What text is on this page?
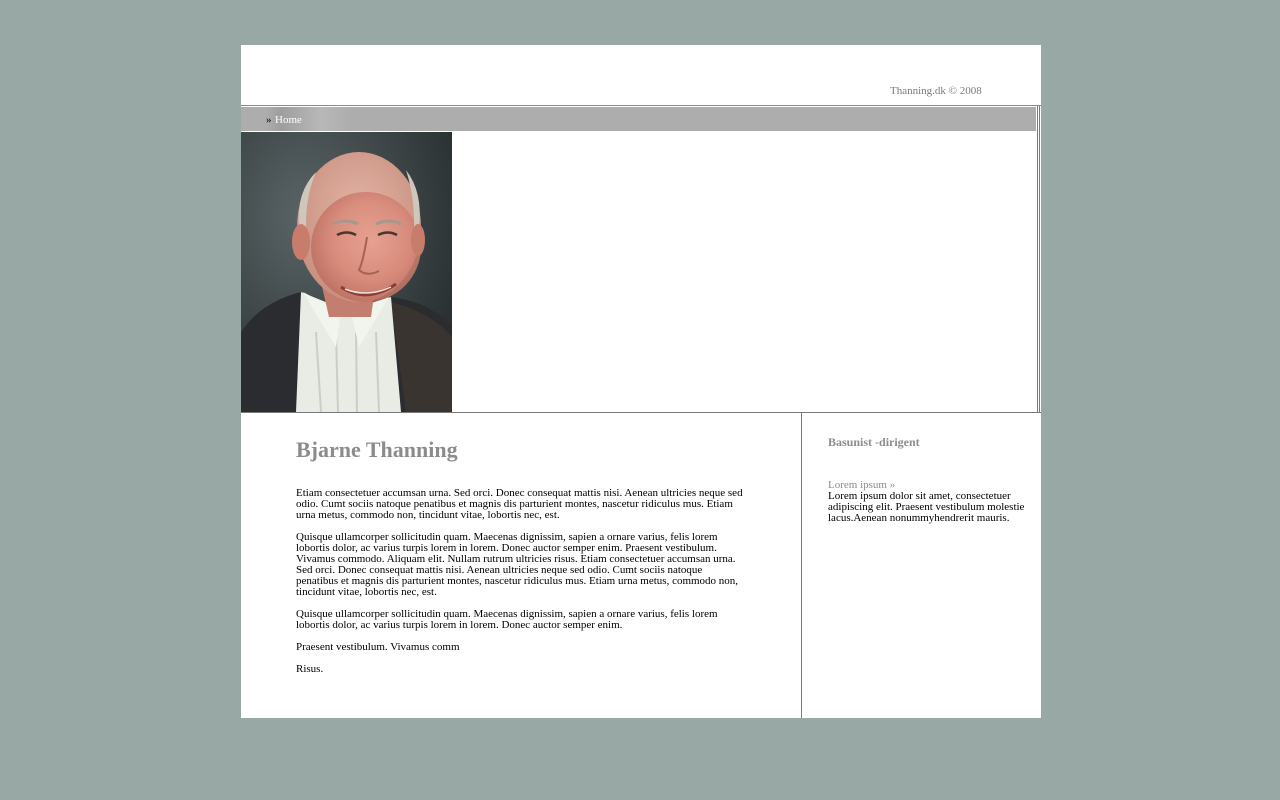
Thanning.dk © 2008
» Home
Bjarne Thanning

Etiam consectetuer accumsan urna. Sed orci. Donec consequat mattis nisi. Aenean ultricies neque sed odio. Cumt sociis natoque penatibus et magnis dis parturient montes, nascetur ridiculus mus. Etiam urna metus, commodo non, tincidunt vitae, lobortis nec, est.

Quisque ullamcorper sollicitudin quam. Maecenas dignissim, sapien a ornare varius, felis lorem lobortis dolor, ac varius turpis lorem in lorem. Donec auctor semper enim. Praesent vestibulum. Vivamus commodo. Aliquam elit. Nullam rutrum ultricies risus. Etiam consectetuer accumsan urna. Sed orci. Donec consequat mattis nisi. Aenean ultricies neque sed odio. Cumt sociis natoque penatibus et magnis dis parturient montes, nascetur ridiculus mus. Etiam urna metus, commodo non, tincidunt vitae, lobortis nec, est.

Quisque ullamcorper sollicitudin quam. Maecenas dignissim, sapien a ornare varius, felis lorem lobortis dolor, ac varius turpis lorem in lorem. Donec auctor semper enim.

Praesent vestibulum. Vivamus comm

Risus.

Basunist -dirigent
Lorem ipsum »

Lorem ipsum dolor sit amet, consectetuer adipiscing elit. Praesent vestibulum molestie lacus.Aenean nonummyhendrerit mauris.
